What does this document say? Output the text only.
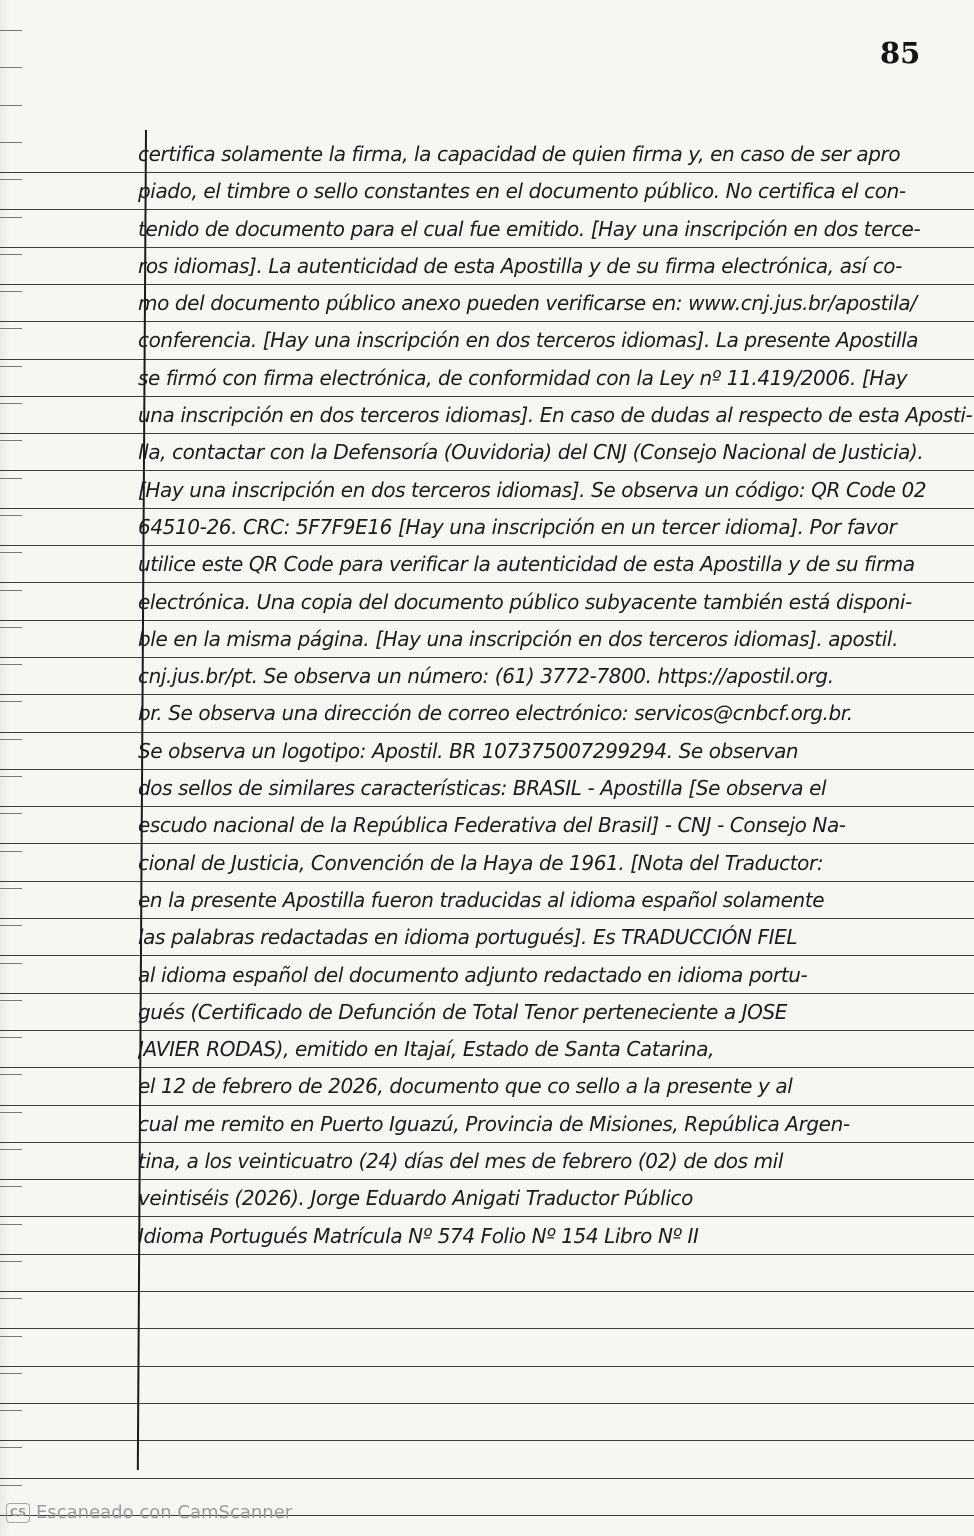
85
certifica solamente la firma, la capacidad de quien firma y, en caso de ser apro
piado, el timbre o sello constantes en el documento público. No certifica el con-
tenido de documento para el cual fue emitido. [Hay una inscripción en dos terce-
ros idiomas]. La autenticidad de esta Apostilla y de su firma electrónica, así co-
mo del documento público anexo pueden verificarse en: www.cnj.jus.br/apostila/
conferencia. [Hay una inscripción en dos terceros idiomas]. La presente Apostilla
se firmó con firma electrónica, de conformidad con la Ley nº 11.419/2006. [Hay
una inscripción en dos terceros idiomas]. En caso de dudas al respecto de esta Aposti-
lla, contactar con la Defensoría (Ouvidoria) del CNJ (Consejo Nacional de Justicia).
[Hay una inscripción en dos terceros idiomas]. Se observa un código: QR Code 02
64510-26. CRC: 5F7F9E16 [Hay una inscripción en un tercer idioma]. Por favor
utilice este QR Code para verificar la autenticidad de esta Apostilla y de su firma
electrónica. Una copia del documento público subyacente también está disponi-
ble en la misma página. [Hay una inscripción en dos terceros idiomas]. apostil.
cnj.jus.br/pt. Se observa un número: (61) 3772-7800. https://apostil.org.
br. Se observa una dirección de correo electrónico: servicos@cnbcf.org.br.
Se observa un logotipo: Apostil. BR 107375007299294. Se observan
dos sellos de similares características: BRASIL - Apostilla [Se observa el
escudo nacional de la República Federativa del Brasil] - CNJ - Consejo Na-
cional de Justicia, Convención de la Haya de 1961. [Nota del Traductor:
en la presente Apostilla fueron traducidas al idioma español solamente
las palabras redactadas en idioma portugués]. Es TRADUCCIÓN FIEL
al idioma español del documento adjunto redactado en idioma portu-
gués (Certificado de Defunción de Total Tenor perteneciente a JOSE
JAVIER RODAS), emitido en Itajaí, Estado de Santa Catarina,
el 12 de febrero de 2026, documento que co sello a la presente y al
cual me remito en Puerto Iguazú, Provincia de Misiones, República Argen-
tina, a los veinticuatro (24) días del mes de febrero (02) de dos mil
veintiséis (2026). Jorge Eduardo Anigati Traductor Público
Idioma Portugués Matrícula Nº 574 Folio Nº 154 Libro Nº II
CS Escaneado con CamScanner
